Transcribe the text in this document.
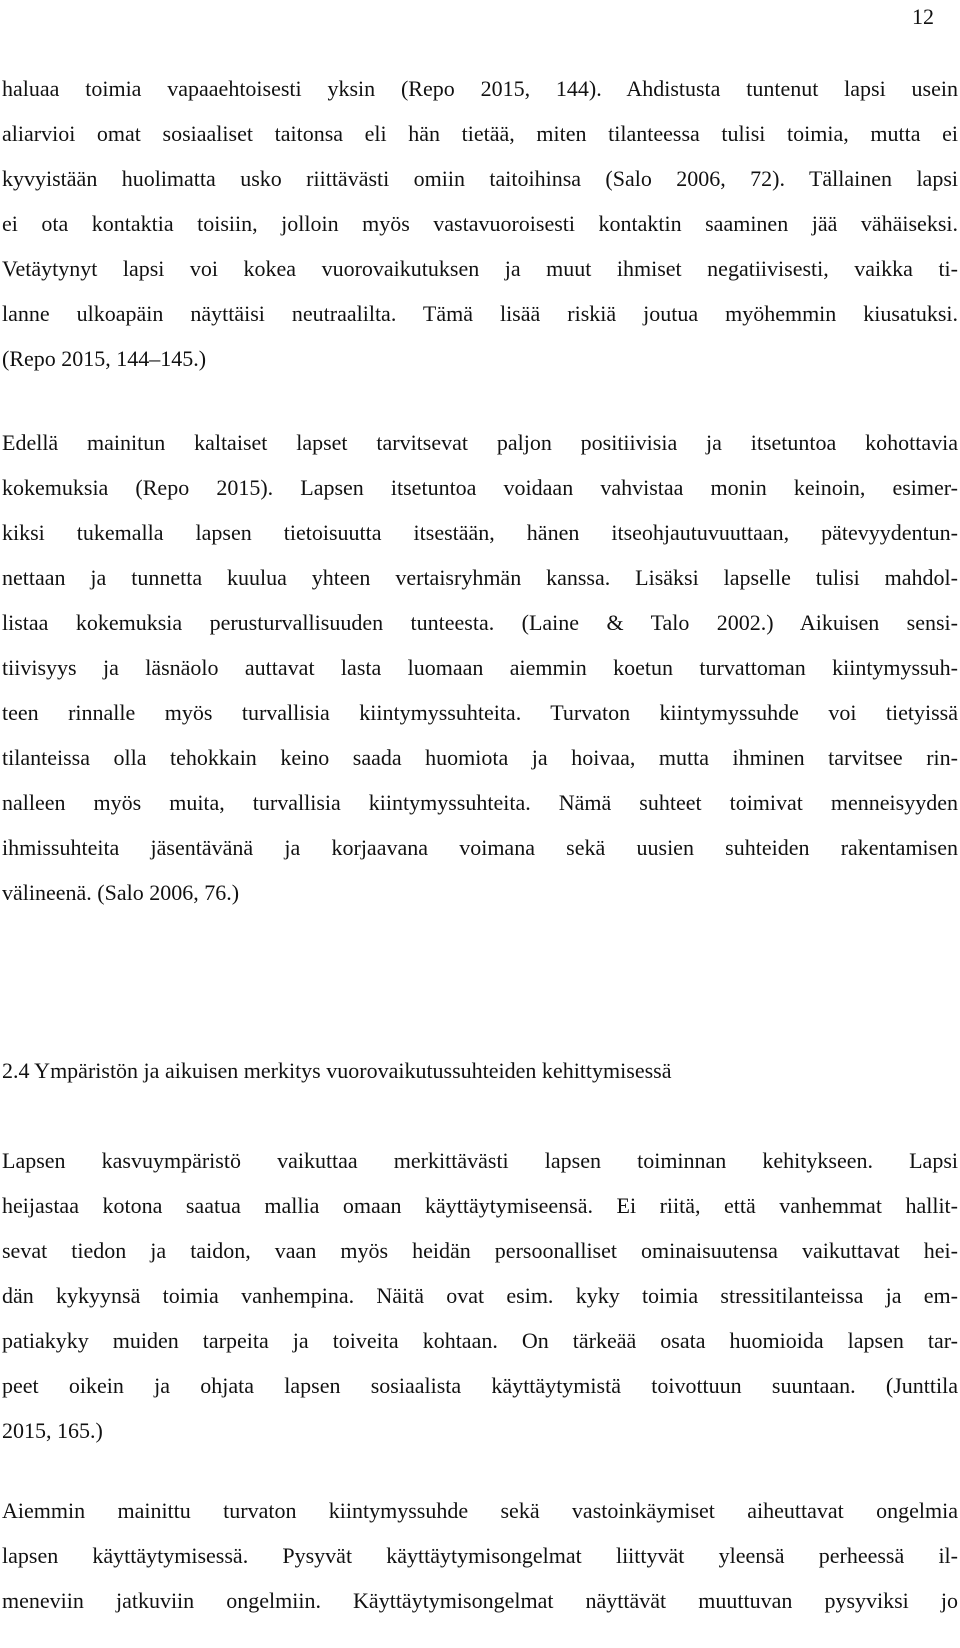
12
haluaa toimia vapaaehtoisesti yksin (Repo 2015, 144). Ahdistusta tuntenut lapsi usein
aliarvioi omat sosiaaliset taitonsa eli hän tietää, miten tilanteessa tulisi toimia, mutta ei
kyvyistään huolimatta usko riittävästi omiin taitoihinsa (Salo 2006, 72). Tällainen lapsi
ei ota kontaktia toisiin, jolloin myös vastavuoroisesti kontaktin saaminen jää vähäiseksi.
Vetäytynyt lapsi voi kokea vuorovaikutuksen ja muut ihmiset negatiivisesti, vaikka ti-
lanne ulkoapäin näyttäisi neutraalilta. Tämä lisää riskiä joutua myöhemmin kiusatuksi.
(Repo 2015, 144–145.)
Edellä mainitun kaltaiset lapset tarvitsevat paljon positiivisia ja itsetuntoa kohottavia
kokemuksia (Repo 2015). Lapsen itsetuntoa voidaan vahvistaa monin keinoin, esimer-
kiksi tukemalla lapsen tietoisuutta itsestään, hänen itseohjautuvuuttaan, pätevyydentun-
nettaan ja tunnetta kuulua yhteen vertaisryhmän kanssa. Lisäksi lapselle tulisi mahdol-
listaa kokemuksia perusturvallisuuden tunteesta. (Laine & Talo 2002.) Aikuisen sensi-
tiivisyys ja läsnäolo auttavat lasta luomaan aiemmin koetun turvattoman kiintymyssuh-
teen rinnalle myös turvallisia kiintymyssuhteita. Turvaton kiintymyssuhde voi tietyissä
tilanteissa olla tehokkain keino saada huomiota ja hoivaa, mutta ihminen tarvitsee rin-
nalleen myös muita, turvallisia kiintymyssuhteita. Nämä suhteet toimivat menneisyyden
ihmissuhteita jäsentävänä ja korjaavana voimana sekä uusien suhteiden rakentamisen
välineenä. (Salo 2006, 76.)
2.4 Ympäristön ja aikuisen merkitys vuorovaikutussuhteiden kehittymisessä
Lapsen kasvuympäristö vaikuttaa merkittävästi lapsen toiminnan kehitykseen. Lapsi
heijastaa kotona saatua mallia omaan käyttäytymiseensä. Ei riitä, että vanhemmat hallit-
sevat tiedon ja taidon, vaan myös heidän persoonalliset ominaisuutensa vaikuttavat hei-
dän kykyynsä toimia vanhempina. Näitä ovat esim. kyky toimia stressitilanteissa ja em-
patiakyky muiden tarpeita ja toiveita kohtaan. On tärkeää osata huomioida lapsen tar-
peet oikein ja ohjata lapsen sosiaalista käyttäytymistä toivottuun suuntaan. (Junttila
2015, 165.)
Aiemmin mainittu turvaton kiintymyssuhde sekä vastoinkäymiset aiheuttavat ongelmia
lapsen käyttäytymisessä. Pysyvät käyttäytymisongelmat liittyvät yleensä perheessä il-
meneviin jatkuviin ongelmiin. Käyttäytymisongelmat näyttävät muuttuvan pysyviksi jo
